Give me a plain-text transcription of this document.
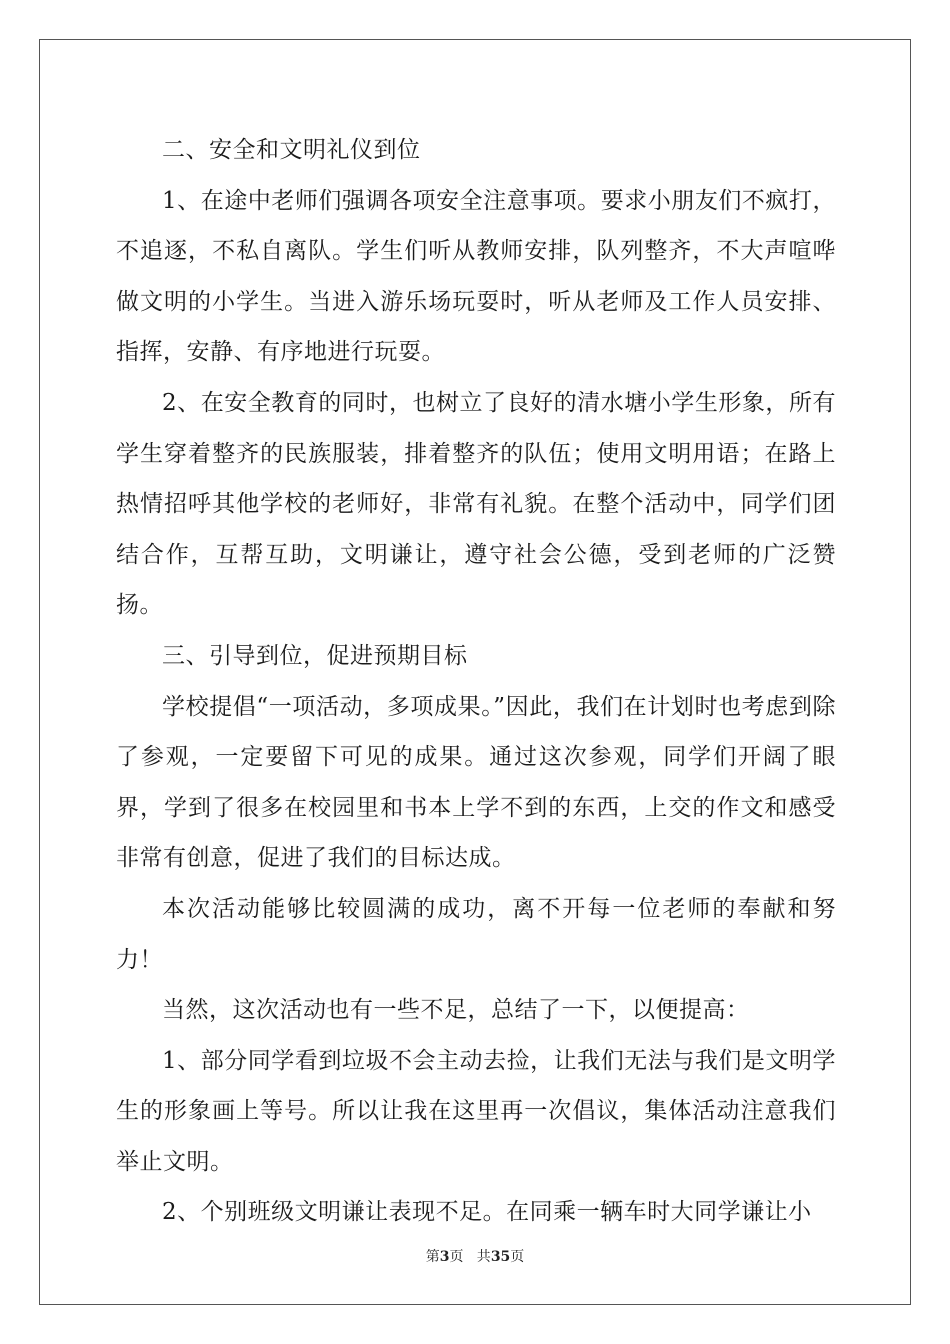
二、安全和文明礼仪到位

1、在途中老师们强调各项安全注意事项。要求小朋友们不疯打，不追逐，不私自离队。学生们听从教师安排，队列整齐，不大声喧哗做文明的小学生。当进入游乐场玩耍时，听从老师及工作人员安排、指挥，安静、有序地进行玩耍。

2、在安全教育的同时，也树立了良好的清水塘小学生形象，所有学生穿着整齐的民族服装，排着整齐的队伍；使用文明用语；在路上热情招呼其他学校的老师好，非常有礼貌。在整个活动中，同学们团结合作，互帮互助，文明谦让，遵守社会公德，受到老师的广泛赞扬。

三、引导到位，促进预期目标

学校提倡“一项活动，多项成果。”因此，我们在计划时也考虑到除了参观，一定要留下可见的成果。通过这次参观，同学们开阔了眼界，学到了很多在校园里和书本上学不到的东西，上交的作文和感受非常有创意，促进了我们的目标达成。

本次活动能够比较圆满的成功，离不开每一位老师的奉献和努力！

当然，这次活动也有一些不足，总结了一下，以便提高：

1、部分同学看到垃圾不会主动去捡，让我们无法与我们是文明学生的形象画上等号。所以让我在这里再一次倡议，集体活动注意我们举止文明。

2、个别班级文明谦让表现不足。在同乘一辆车时大同学谦让小

第3页   共35页
